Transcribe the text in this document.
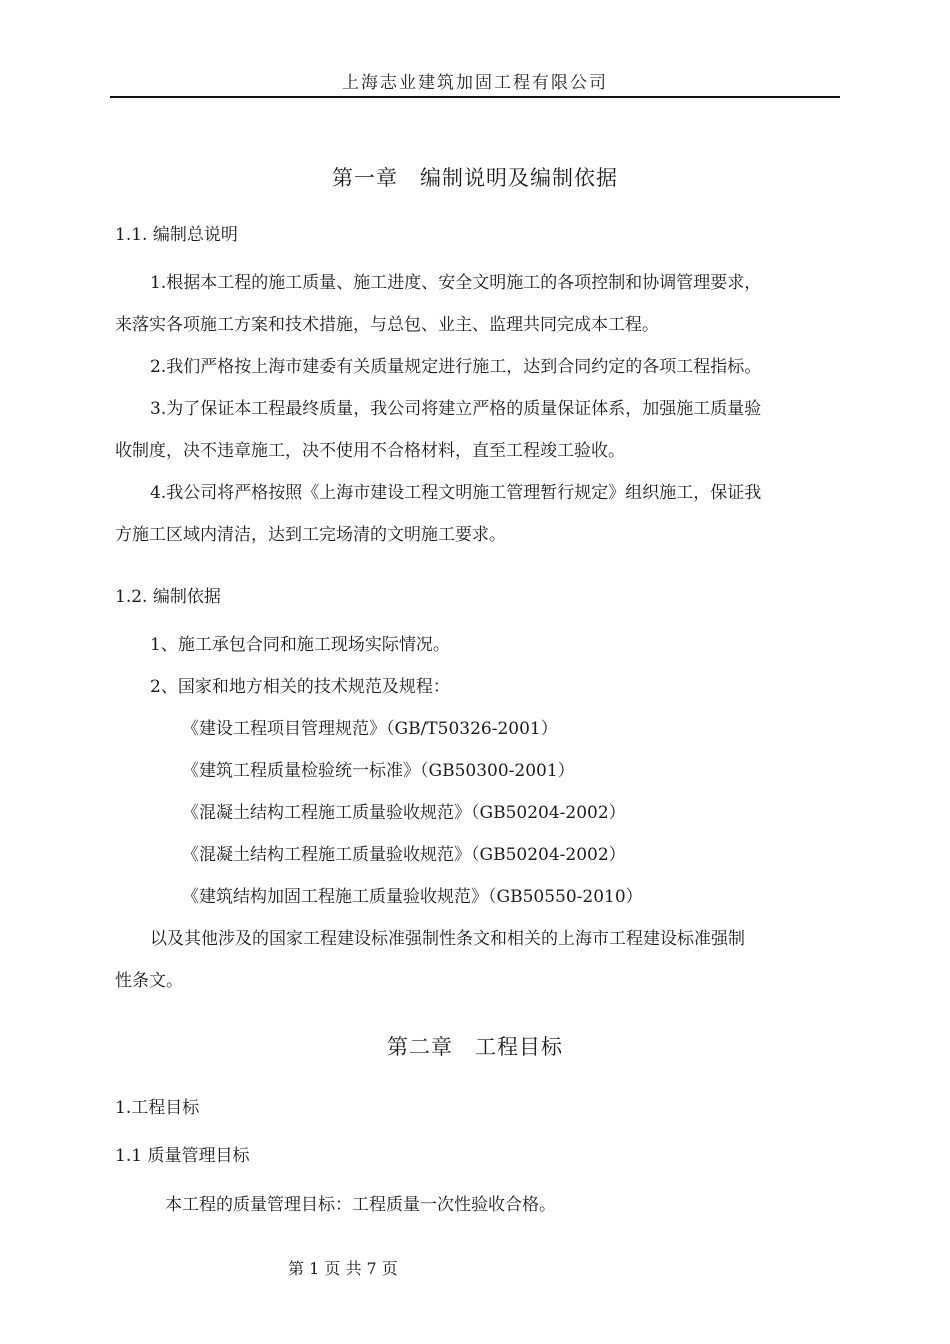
上海志业建筑加固工程有限公司
第一章　编制说明及编制依据
1.1. 编制总说明
1.根据本工程的施工质量、施工进度、安全文明施工的各项控制和协调管理要求，
来落实各项施工方案和技术措施，与总包、业主、监理共同完成本工程。
2.我们严格按上海市建委有关质量规定进行施工，达到合同约定的各项工程指标。
3.为了保证本工程最终质量，我公司将建立严格的质量保证体系，加强施工质量验
收制度，决不违章施工，决不使用不合格材料，直至工程竣工验收。
4.我公司将严格按照《上海市建设工程文明施工管理暂行规定》组织施工，保证我
方施工区域内清洁，达到工完场清的文明施工要求。
1.2. 编制依据
1、施工承包合同和施工现场实际情况。
2、国家和地方相关的技术规范及规程：
《建设工程项目管理规范》（GB/T50326-2001）
《建筑工程质量检验统一标准》（GB50300-2001）
《混凝土结构工程施工质量验收规范》（GB50204-2002）
《混凝土结构工程施工质量验收规范》（GB50204-2002）
《建筑结构加固工程施工质量验收规范》（GB50550-2010）
以及其他涉及的国家工程建设标准强制性条文和相关的上海市工程建设标准强制
性条文。
第二章　工程目标
1.工程目标
1.1 质量管理目标
本工程的质量管理目标：工程质量一次性验收合格。
第 1 页 共 7 页
